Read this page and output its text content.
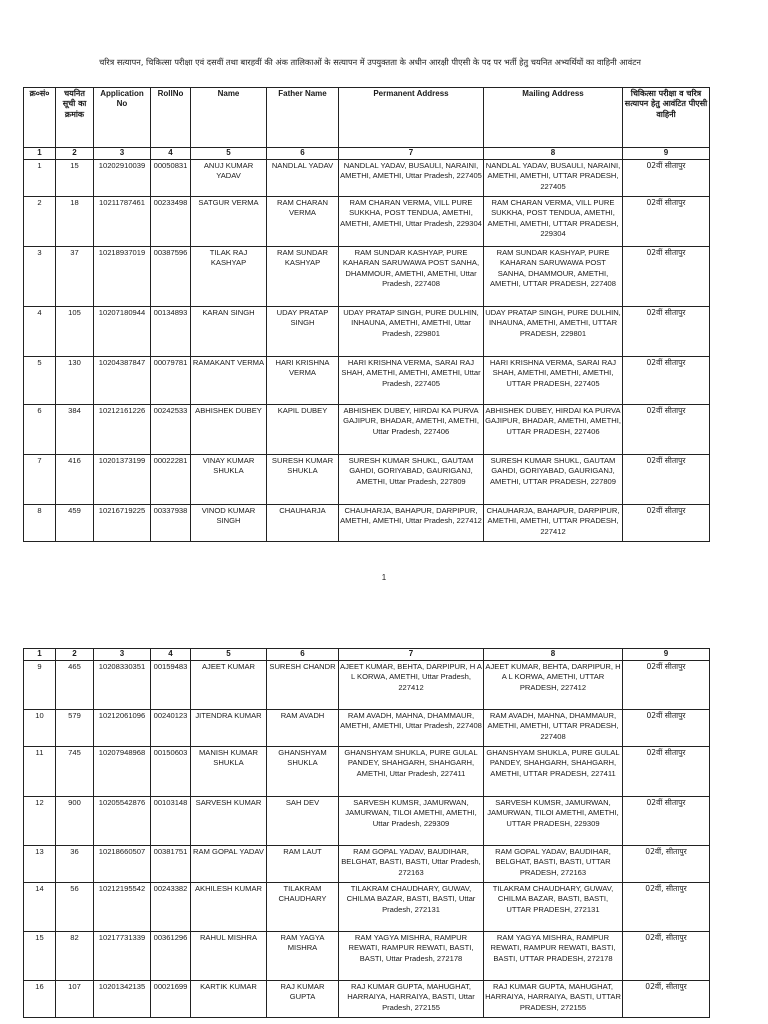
चरित्र सत्यापन, चिकित्सा परीक्षा एवं दसवीं तथा बारहवीं की अंक तालिकाओं के सत्यापन में उपयुक्तता के अधीन आरक्षी पीएसी के पद पर भर्ती हेतु चयनित अभ्यर्थियों का वाहिनी आवंटन
क्र०सं०	चयनित सूची का क्रमांक	Application No	RollNo	Name	Father Name	Permanent Address	Mailing Address	चिकित्सा परीक्षा व चरित्र सत्यापन हेतु आवंटित पीएसी वाहिनी
1	2	3	4	5	6	7	8	9
1	15	10202910039	00050831	ANUJ KUMAR YADAV	NANDLAL YADAV	NANDLAL YADAV, BUSAULI, NARAINI, AMETHI, AMETHI, Uttar Pradesh, 227405	NANDLAL YADAV, BUSAULI, NARAINI, AMETHI, AMETHI, UTTAR PRADESH, 227405	02वीं सीतापुर
2	18	10211787461	00233498	SATGUR VERMA	RAM CHARAN VERMA	RAM CHARAN VERMA, VILL PURE SUKKHA, POST TENDUA, AMETHI, AMETHI, AMETHI, Uttar Pradesh, 229304	RAM CHARAN VERMA, VILL PURE SUKKHA, POST TENDUA, AMETHI, AMETHI, AMETHI, UTTAR PRADESH, 229304	02वीं सीतापुर
3	37	10218937019	00387596	TILAK RAJ KASHYAP	RAM SUNDAR KASHYAP	RAM SUNDAR KASHYAP, PURE KAHARAN SARUWAWA POST SANHA, DHAMMOUR, AMETHI, AMETHI, Uttar Pradesh, 227408	RAM SUNDAR KASHYAP, PURE KAHARAN SARUWAWA POST SANHA, DHAMMOUR, AMETHI, AMETHI, UTTAR PRADESH, 227408	02वीं सीतापुर
4	105	10207180944	00134893	KARAN SINGH	UDAY PRATAP SINGH	UDAY PRATAP SINGH, PURE DULHIN, INHAUNA, AMETHI, AMETHI, Uttar Pradesh, 229801	UDAY PRATAP SINGH, PURE DULHIN, INHAUNA, AMETHI, AMETHI, UTTAR PRADESH, 229801	02वीं सीतापुर
5	130	10204387847	00079781	RAMAKANT VERMA	HARI KRISHNA VERMA	HARI KRISHNA VERMA, SARAI RAJ SHAH, AMETHI, AMETHI, AMETHI, Uttar Pradesh, 227405	HARI KRISHNA VERMA, SARAI RAJ SHAH, AMETHI, AMETHI, AMETHI, UTTAR PRADESH, 227405	02वीं सीतापुर
6	384	10212161226	00242533	ABHISHEK DUBEY	KAPIL DUBEY	ABHISHEK DUBEY, HIRDAI KA PURVA GAJIPUR, BHADAR, AMETHI, AMETHI, Uttar Pradesh, 227406	ABHISHEK DUBEY, HIRDAI KA PURVA GAJIPUR, BHADAR, AMETHI, AMETHI, UTTAR PRADESH, 227406	02वीं सीतापुर
7	416	10201373199	00022281	VINAY KUMAR SHUKLA	SURESH KUMAR SHUKLA	SURESH KUMAR SHUKL, GAUTAM GAHDI, GORIYABAD, GAURIGANJ, AMETHI, Uttar Pradesh, 227809	SURESH KUMAR SHUKL, GAUTAM GAHDI, GORIYABAD, GAURIGANJ, AMETHI, UTTAR PRADESH, 227809	02वीं सीतापुर
8	459	10216719225	00337938	VINOD KUMAR SINGH	CHAUHARJA	CHAUHARJA, BAHAPUR, DARPIPUR, AMETHI, AMETHI, Uttar Pradesh, 227412	CHAUHARJA, BAHAPUR, DARPIPUR, AMETHI, AMETHI, UTTAR PRADESH, 227412	02वीं सीतापुर
1
1	2	3	4	5	6	7	8	9
9	465	10208330351	00159483	AJEET KUMAR	SURESH CHANDR	AJEET KUMAR, BEHTA, DARPIPUR, H A L KORWA, AMETHI, Uttar Pradesh, 227412	AJEET KUMAR, BEHTA, DARPIPUR, H A L KORWA, AMETHI, UTTAR PRADESH, 227412	02वीं सीतापुर
10	579	10212061096	00240123	JITENDRA KUMAR	RAM AVADH	RAM AVADH, MAHNA, DHAMMAUR, AMETHI, AMETHI, Uttar Pradesh, 227408	RAM AVADH, MAHNA, DHAMMAUR, AMETHI, AMETHI, UTTAR PRADESH, 227408	02वीं सीतापुर
11	745	10207948968	00150603	MANISH KUMAR SHUKLA	GHANSHYAM SHUKLA	GHANSHYAM SHUKLA, PURE GULAL PANDEY, SHAHGARH, SHAHGARH, AMETHI, Uttar Pradesh, 227411	GHANSHYAM SHUKLA, PURE GULAL PANDEY, SHAHGARH, SHAHGARH, AMETHI, UTTAR PRADESH, 227411	02वीं सीतापुर
12	900	10205542876	00103148	SARVESH KUMAR	SAH DEV	SARVESH KUMSR, JAMURWAN, JAMURWAN, TILOI AMETHI, AMETHI, Uttar Pradesh, 229309	SARVESH KUMSR, JAMURWAN, JAMURWAN, TILOI AMETHI, AMETHI, UTTAR PRADESH, 229309	02वीं सीतापुर
13	36	10218660507	00381751	RAM GOPAL YADAV	RAM LAUT	RAM GOPAL YADAV, BAUDIHAR, BELGHAT, BASTI, BASTI, Uttar Pradesh, 272163	RAM GOPAL YADAV, BAUDIHAR, BELGHAT, BASTI, BASTI, UTTAR PRADESH, 272163	02वीं, सीतापुर
14	56	10212195542	00243382	AKHILESH KUMAR	TILAKRAM CHAUDHARY	TILAKRAM CHAUDHARY, GUWAV, CHILMA BAZAR, BASTI, BASTI, Uttar Pradesh, 272131	TILAKRAM CHAUDHARY, GUWAV, CHILMA BAZAR, BASTI, BASTI, UTTAR PRADESH, 272131	02वीं, सीतापुर
15	82	10217731339	00361296	RAHUL MISHRA	RAM YAGYA MISHRA	RAM YAGYA MISHRA, RAMPUR REWATI, RAMPUR REWATI, BASTI, BASTI, Uttar Pradesh, 272178	RAM YAGYA MISHRA, RAMPUR REWATI, RAMPUR REWATI, BASTI, BASTI, UTTAR PRADESH, 272178	02वीं, सीतापुर
16	107	10201342135	00021699	KARTIK KUMAR	RAJ KUMAR GUPTA	RAJ KUMAR GUPTA, MAHUGHAT, HARRAIYA, HARRAIYA, BASTI, Uttar Pradesh, 272155	RAJ KUMAR GUPTA, MAHUGHAT, HARRAIYA, HARRAIYA, BASTI, UTTAR PRADESH, 272155	02वीं, सीतापुर
